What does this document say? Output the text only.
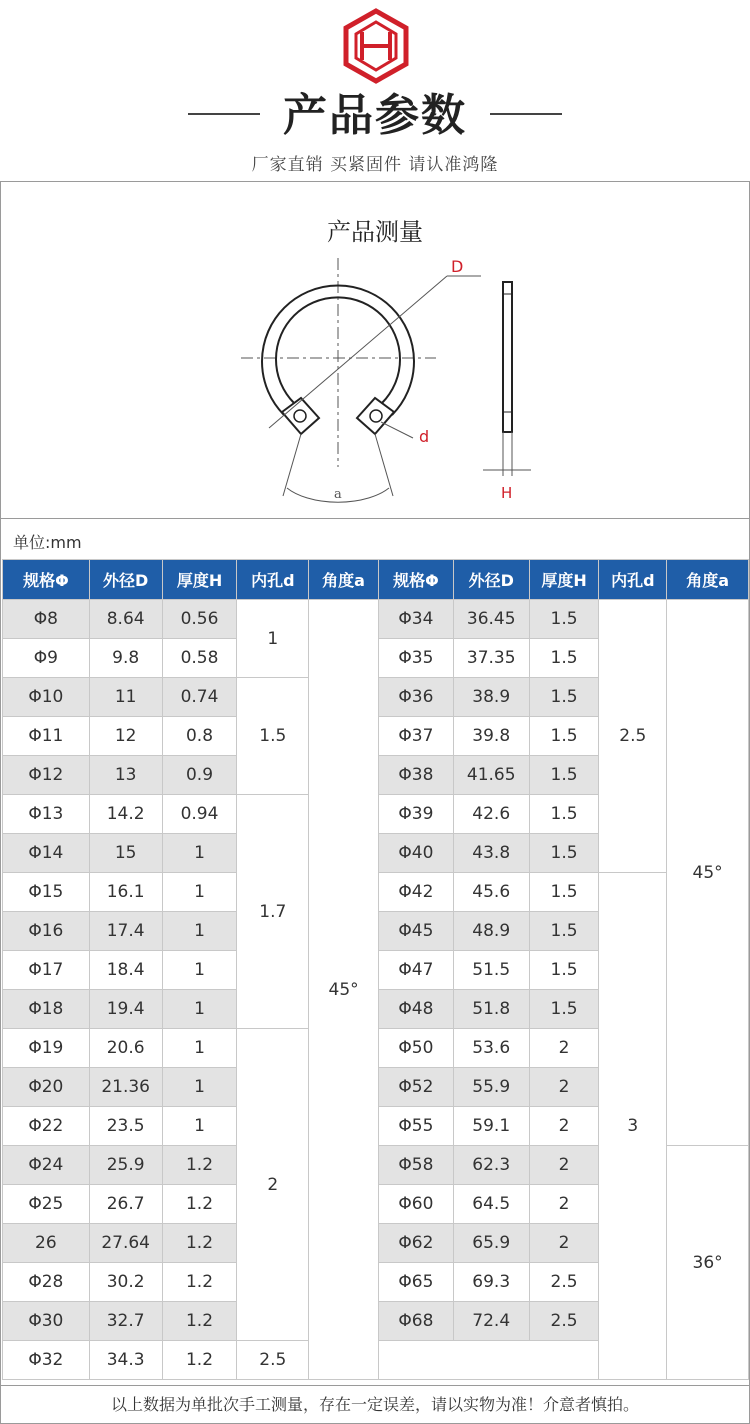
产品参数
厂家直销 买紧固件 请认准鸿隆
产品测量
D
d
H
a
单位:mm
规格Φ	外径D	厚度H	内孔d	角度a	规格Φ	外径D	厚度H	内孔d	角度a
Φ8	8.64	0.56	1	45°	Φ34	36.45	1.5	2.5	45°
Φ9	9.8	0.58			Φ35	37.35	1.5		
Φ10	11	0.74	1.5		Φ36	38.9	1.5		
Φ11	12	0.8			Φ37	39.8	1.5		
Φ12	13	0.9			Φ38	41.65	1.5		
Φ13	14.2	0.94	1.7		Φ39	42.6	1.5		
Φ14	15	1			Φ40	43.8	1.5		
Φ15	16.1	1			Φ42	45.6	1.5	3	
Φ16	17.4	1			Φ45	48.9	1.5		
Φ17	18.4	1			Φ47	51.5	1.5		
Φ18	19.4	1			Φ48	51.8	1.5		
Φ19	20.6	1	2		Φ50	53.6	2		
Φ20	21.36	1			Φ52	55.9	2		
Φ22	23.5	1			Φ55	59.1	2		
Φ24	25.9	1.2			Φ58	62.3	2		36°
Φ25	26.7	1.2			Φ60	64.5	2		
26	27.64	1.2			Φ62	65.9	2		
Φ28	30.2	1.2			Φ65	69.3	2.5		
Φ30	32.7	1.2			Φ68	72.4	2.5		
Φ32	34.3	1.2	2.5						
以上数据为单批次手工测量，存在一定误差，请以实物为准！介意者慎拍。
